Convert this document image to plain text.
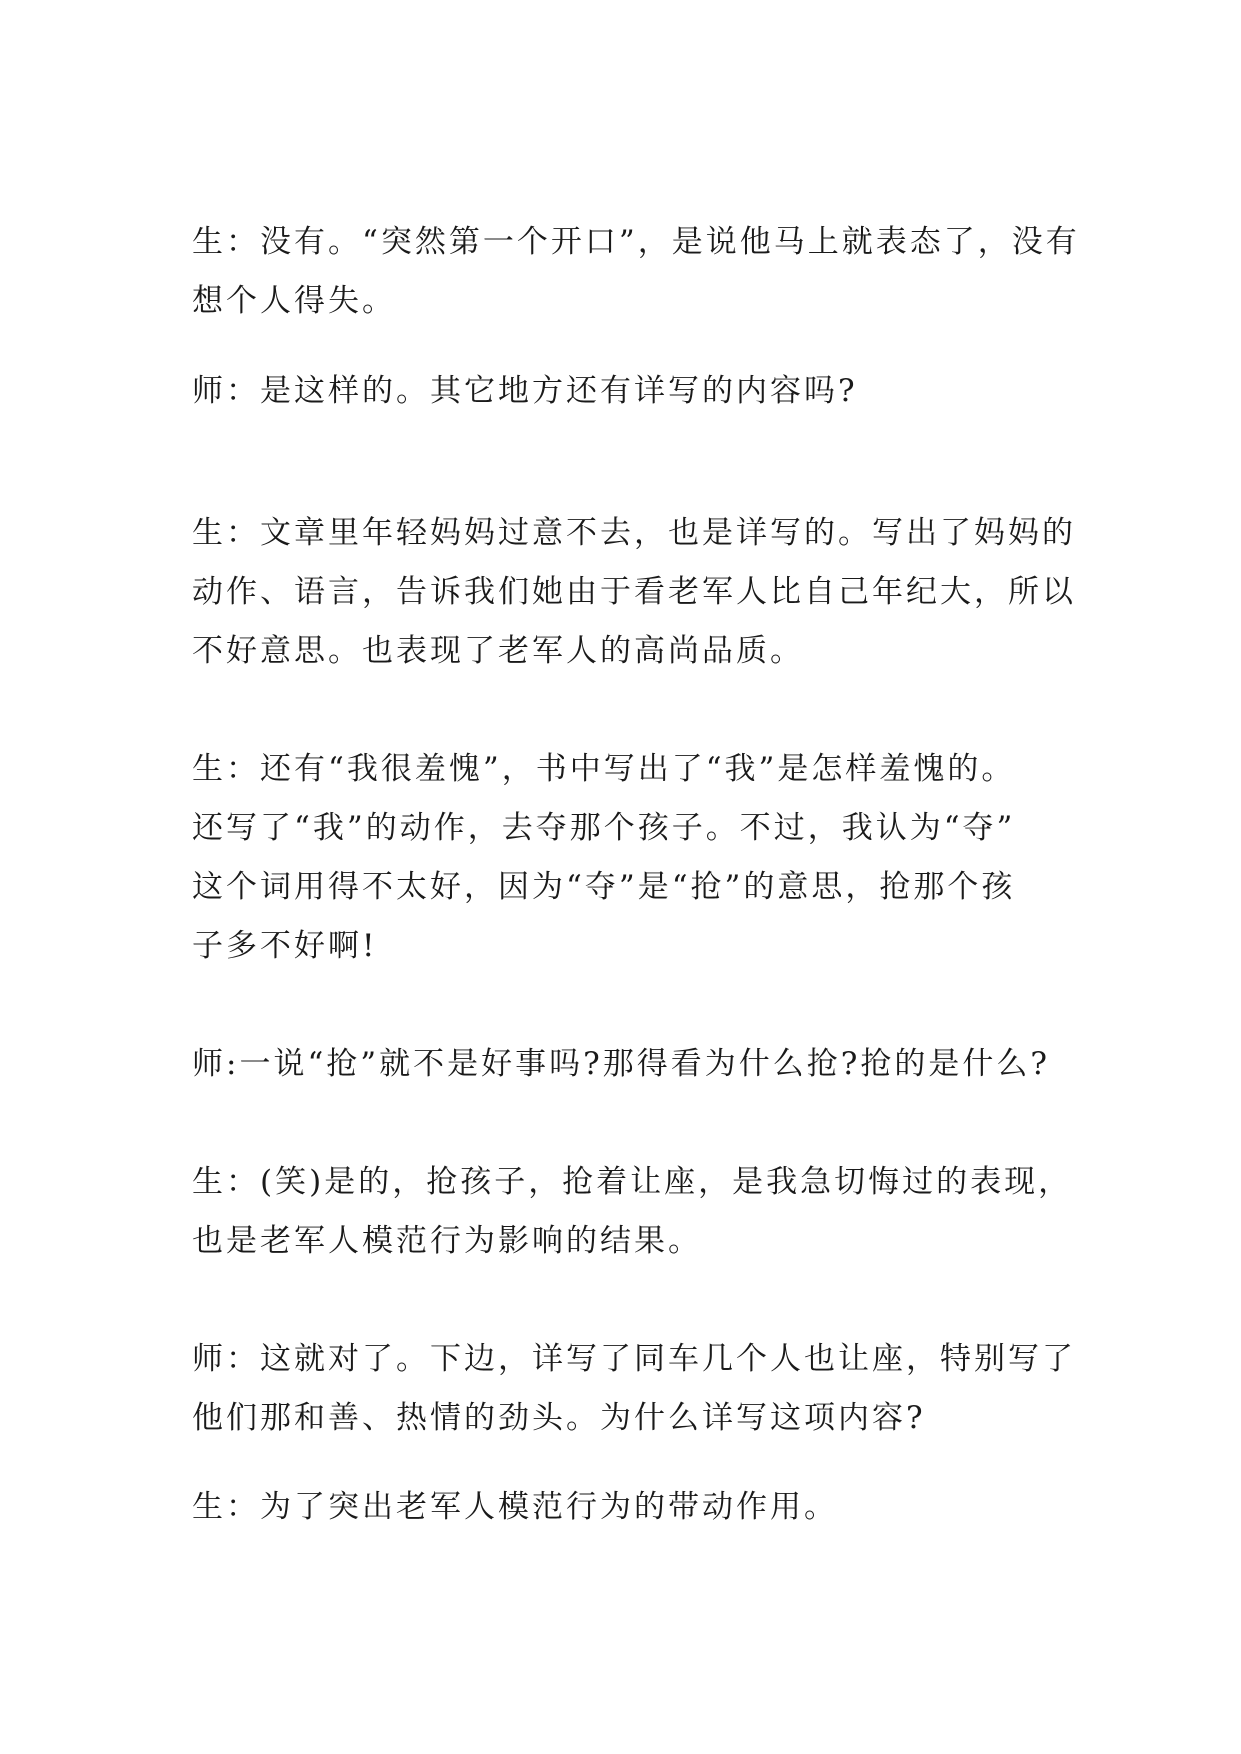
生：没有。“突然第一个开口”，是说他马上就表态了，没有
想个人得失。

师：是这样的。其它地方还有详写的内容吗?

生：文章里年轻妈妈过意不去，也是详写的。写出了妈妈的
动作、语言，告诉我们她由于看老军人比自己年纪大，所以
不好意思。也表现了老军人的高尚品质。

生：还有“我很羞愧”，书中写出了“我”是怎样羞愧的。
还写了“我”的动作，去夺那个孩子。不过，我认为“夺”
这个词用得不太好，因为“夺”是“抢”的意思，抢那个孩
子多不好啊!

师:一说“抢”就不是好事吗?那得看为什么抢?抢的是什么?

生：(笑)是的，抢孩子，抢着让座，是我急切悔过的表现，
也是老军人模范行为影响的结果。

师：这就对了。下边，详写了同车几个人也让座，特别写了
他们那和善、热情的劲头。为什么详写这项内容?

生：为了突出老军人模范行为的带动作用。
